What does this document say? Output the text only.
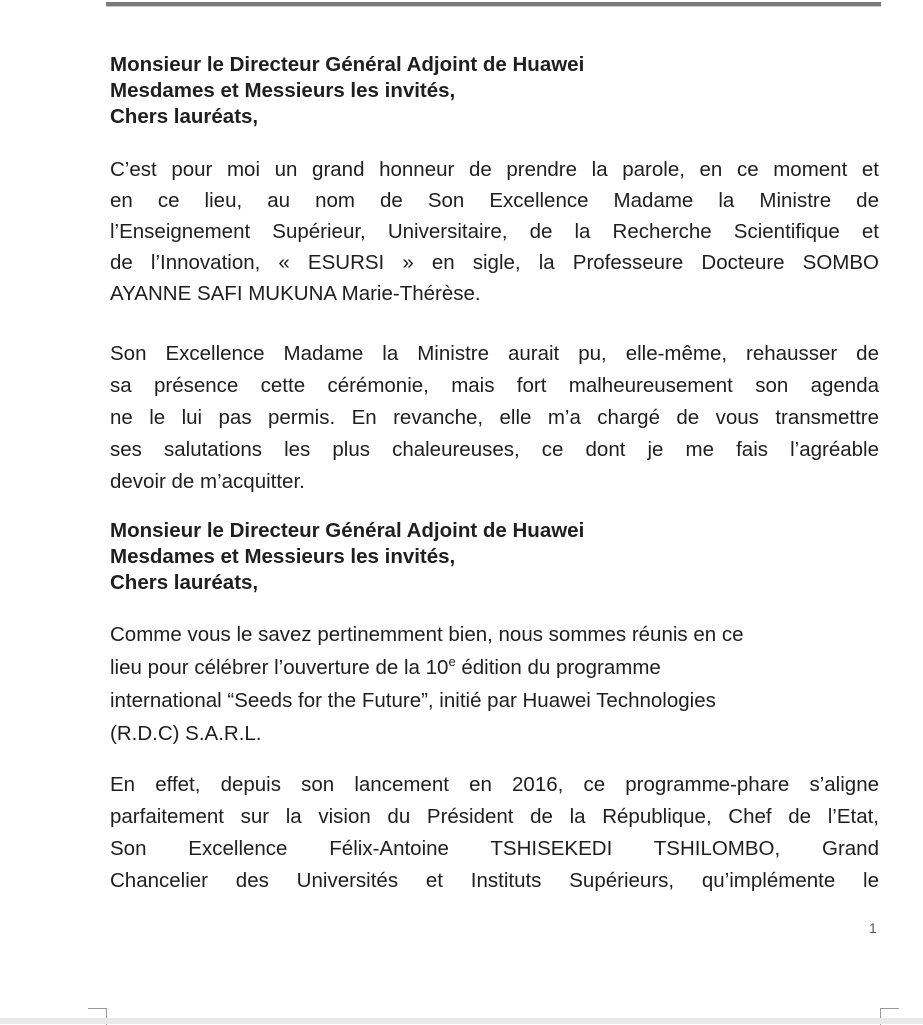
Monsieur le Directeur Général Adjoint de Huawei
Mesdames et Messieurs les invités,
Chers lauréats,
C’est pour moi un grand honneur de prendre la parole, en ce moment et
en ce lieu, au nom de Son Excellence Madame la Ministre de
l’Enseignement Supérieur, Universitaire, de la Recherche Scientifique et
de l’Innovation, « ESURSI » en sigle, la Professeure Docteure SOMBO
AYANNE SAFI MUKUNA Marie-Thérèse.
Son Excellence Madame la Ministre aurait pu, elle-même, rehausser de
sa présence cette cérémonie, mais fort malheureusement son agenda
ne le lui pas permis. En revanche, elle m’a chargé de vous transmettre
ses salutations les plus chaleureuses, ce dont je me fais l’agréable
devoir de m’acquitter.
Monsieur le Directeur Général Adjoint de Huawei
Mesdames et Messieurs les invités,
Chers lauréats,
Comme vous le savez pertinemment bien, nous sommes réunis en ce
lieu pour célébrer l’ouverture de la 10e édition du programme
international “Seeds for the Future”, initié par Huawei Technologies
(R.D.C) S.A.R.L.
En effet, depuis son lancement en 2016, ce programme-phare s’aligne
parfaitement sur la vision du Président de la République, Chef de l’Etat,
Son Excellence Félix-Antoine TSHISEKEDI TSHILOMBO, Grand
Chancelier des Universités et Instituts Supérieurs, qu’implémente le
1
